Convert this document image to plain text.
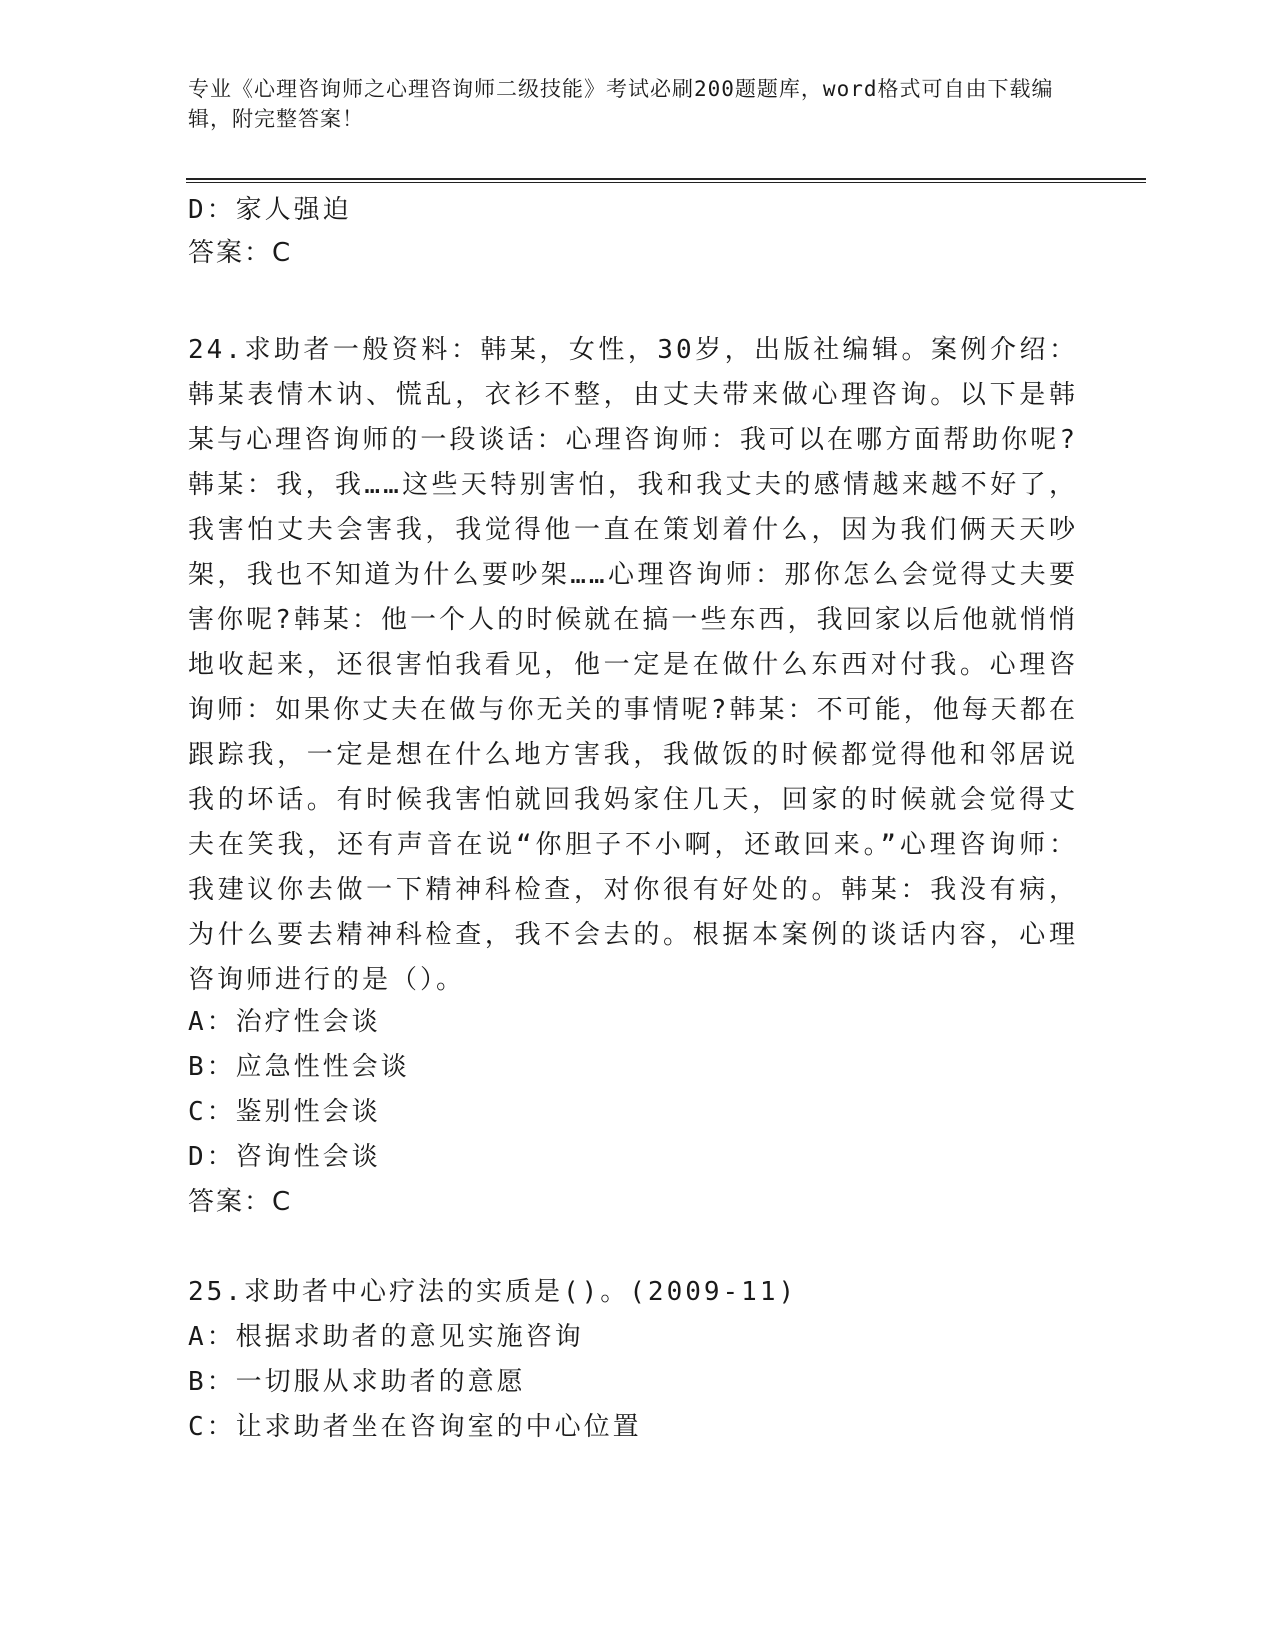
专业《心理咨询师之心理咨询师二级技能》考试必刷200题题库，word格式可自由下载编辑，附完整答案！
D：家人强迫
答案：C

24.求助者一般资料：韩某，女性，30岁，出版社编辑。案例介绍：韩某表情木讷、慌乱，衣衫不整，由丈夫带来做心理咨询。以下是韩某与心理咨询师的一段谈话：心理咨询师：我可以在哪方面帮助你呢?韩某：我，我……这些天特别害怕，我和我丈夫的感情越来越不好了，我害怕丈夫会害我，我觉得他一直在策划着什么，因为我们俩天天吵架，我也不知道为什么要吵架……心理咨询师：那你怎么会觉得丈夫要害你呢?韩某：他一个人的时候就在搞一些东西，我回家以后他就悄悄地收起来，还很害怕我看见，他一定是在做什么东西对付我。心理咨询师：如果你丈夫在做与你无关的事情呢?韩某：不可能，他每天都在跟踪我，一定是想在什么地方害我，我做饭的时候都觉得他和邻居说我的坏话。有时候我害怕就回我妈家住几天，回家的时候就会觉得丈夫在笑我，还有声音在说“你胆子不小啊，还敢回来。”心理咨询师：我建议你去做一下精神科检查，对你很有好处的。韩某：我没有病，为什么要去精神科检查，我不会去的。根据本案例的谈话内容，心理咨询师进行的是（）。

A：治疗性会谈
B：应急性性会谈
C：鉴别性会谈
D：咨询性会谈
答案：C
25.求助者中心疗法的实质是()。(2009-11)
A：根据求助者的意见实施咨询
B：一切服从求助者的意愿
C：让求助者坐在咨询室的中心位置
